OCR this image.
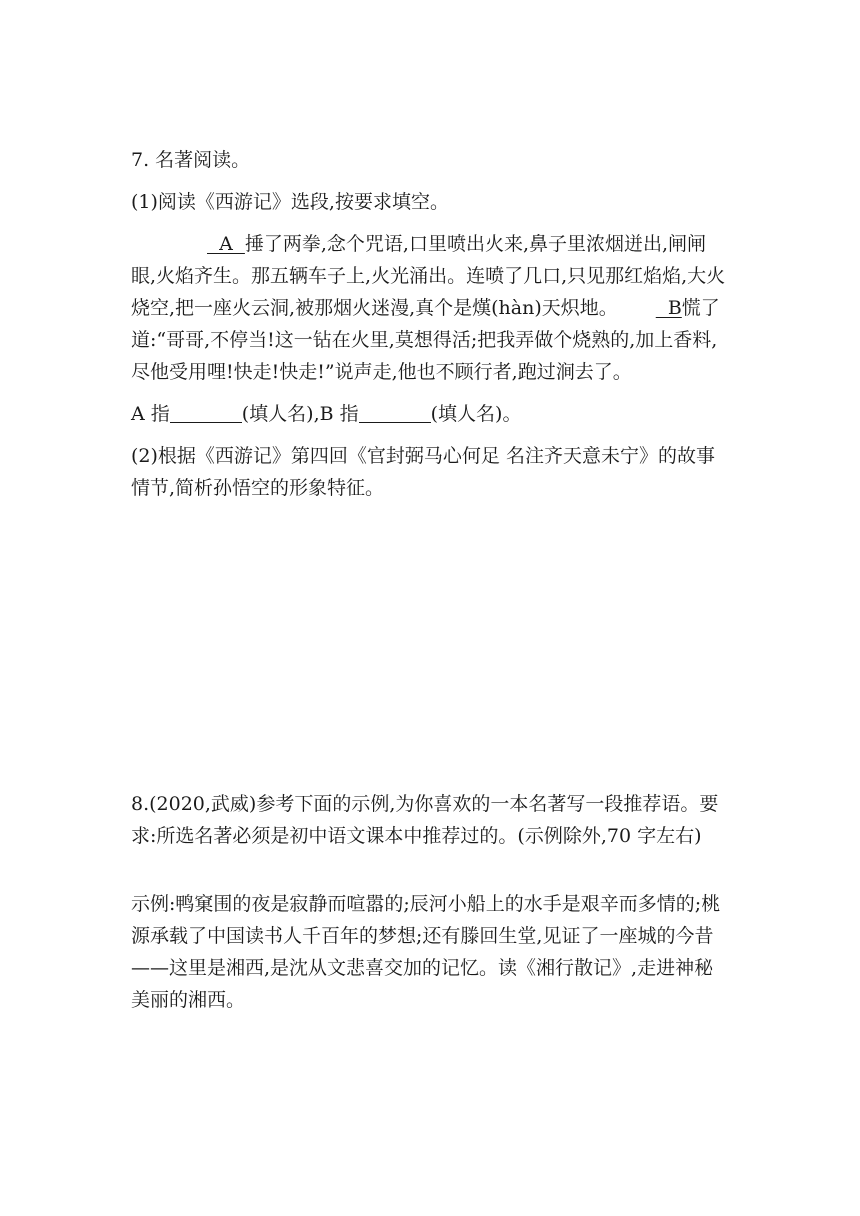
7. 名著阅读。

(1)阅读《西游记》选段,按要求填空。

A  捶了两拳,念个咒语,口里喷出火来,鼻子里浓烟迸出,闸闸眼,火焰齐生。那五辆车子上,火光涌出。连喷了几口,只见那红焰焰,大火烧空,把一座火云洞,被那烟火迷漫,真个是熯(hàn)天炽地。  B慌了道:“哥哥,不停当!这一钻在火里,莫想得活;把我弄做个烧熟的,加上香料,尽他受用哩!快走!快走!”说声走,他也不顾行者,跑过涧去了。

A 指	(填人名),B 指	(填人名)。

(2)根据《西游记》第四回《官封弼马心何足 名注齐天意未宁》的故事情节,简析孙悟空的形象特征。

8.(2020,武威)参考下面的示例,为你喜欢的一本名著写一段推荐语。要求:所选名著必须是初中语文课本中推荐过的。(示例除外,70 字左右)

示例:鸭窠围的夜是寂静而喧嚣的;辰河小船上的水手是艰辛而多情的;桃源承载了中国读书人千百年的梦想;还有滕回生堂,见证了一座城的今昔——这里是湘西,是沈从文悲喜交加的记忆。读《湘行散记》,走进神秘美丽的湘西。
